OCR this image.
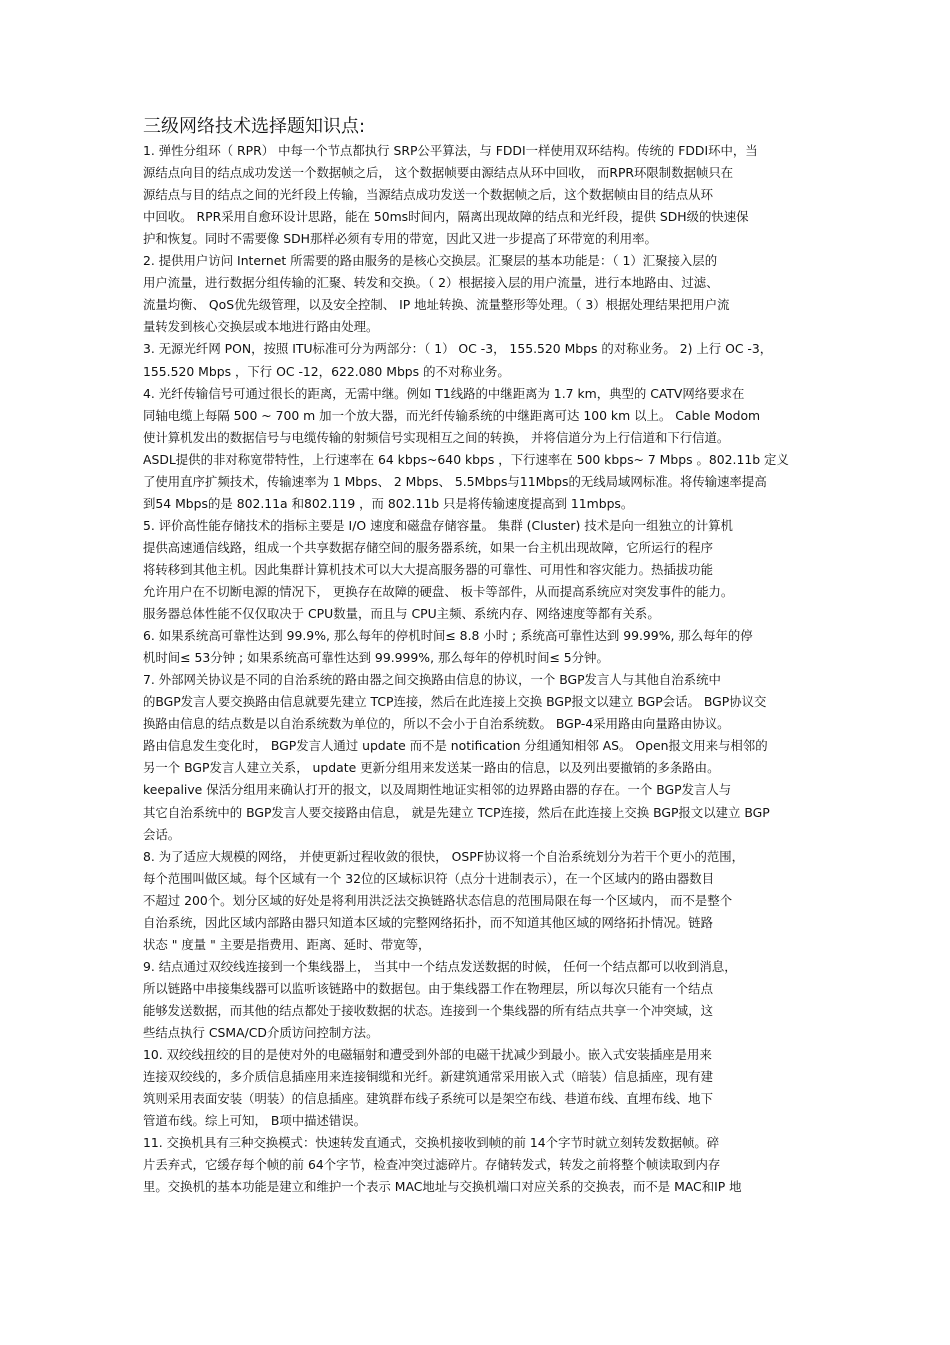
三级网络技术选择题知识点:
1. 弹性分组环（ RPR） 中每一个节点都执行 SRP公平算法，与 FDDI一样使用双环结构。传统的 FDDI环中，当
源结点向目的结点成功发送一个数据帧之后， 这个数据帧要由源结点从环中回收， 而RPR环限制数据帧只在
源结点与目的结点之间的光纤段上传输，当源结点成功发送一个数据帧之后，这个数据帧由目的结点从环
中回收。 RPR采用自愈环设计思路，能在 50ms时间内，隔离出现故障的结点和光纤段，提供 SDH级的快速保
护和恢复。同时不需要像 SDH那样必须有专用的带宽，因此又进一步提高了环带宽的利用率。
2. 提供用户访问 Internet 所需要的路由服务的是核心交换层。汇聚层的基本功能是：（ 1）汇聚接入层的
用户流量，进行数据分组传输的汇聚、转发和交换。（ 2）根据接入层的用户流量，进行本地路由、过滤、
流量均衡、 QoS优先级管理，以及安全控制、 IP 地址转换、流量整形等处理。（ 3）根据处理结果把用户流
量转发到核心交换层或本地进行路由处理。
3. 无源光纤网 PON，按照 ITU标准可分为两部分：（ 1） OC -3， 155.520 Mbps 的对称业务。 2) 上行 OC -3，
155.520 Mbps ，下行 OC -12，622.080 Mbps 的不对称业务。
4. 光纤传输信号可通过很长的距离，无需中继。例如 T1线路的中继距离为 1.7 km，典型的 CATV网络要求在
同轴电缆上每隔 500 ~ 700 m 加一个放大器，而光纤传输系统的中继距离可达 100 km 以上。 Cable Modom
使计算机发出的数据信号与电缆传输的射频信号实现相互之间的转换， 并将信道分为上行信道和下行信道。
ASDL提供的非对称宽带特性，上行速率在 64 kbps~640 kbps ，下行速率在 500 kbps~ 7 Mbps 。802.11b 定义
了使用直序扩频技术，传输速率为 1 Mbps、 2 Mbps、 5.5Mbps与11Mbps的无线局域网标准。将传输速率提高
到54 Mbps的是 802.11a 和802.119 ，而 802.11b 只是将传输速度提高到 11mbps。
5. 评价高性能存储技术的指标主要是 I/O 速度和磁盘存储容量。 集群 (Cluster) 技术是向一组独立的计算机
提供高速通信线路，组成一个共享数据存储空间的服务器系统，如果一台主机出现故障，它所运行的程序
将转移到其他主机。因此集群计算机技术可以大大提高服务器的可靠性、可用性和容灾能力。热插拔功能
允许用户在不切断电源的情况下， 更换存在故障的硬盘、 板卡等部件，从而提高系统应对突发事件的能力。
服务器总体性能不仅仅取决于 CPU数量，而且与 CPU主频、系统内存、网络速度等都有关系。
6. 如果系统高可靠性达到 99.9%, 那么每年的停机时间≤ 8.8 小时 ; 系统高可靠性达到 99.99%, 那么每年的停
机时间≤ 53分钟 ; 如果系统高可靠性达到 99.999%, 那么每年的停机时间≤ 5分钟。
7. 外部网关协议是不同的自治系统的路由器之间交换路由信息的协议，一个 BGP发言人与其他自治系统中
的BGP发言人要交换路由信息就要先建立 TCP连接，然后在此连接上交换 BGP报文以建立 BGP会话。 BGP协议交
换路由信息的结点数是以自治系统数为单位的，所以不会小于自治系统数。 BGP-4采用路由向量路由协议。
路由信息发生变化时， BGP发言人通过 update 而不是 notification 分组通知相邻 AS。 Open报文用来与相邻的
另一个 BGP发言人建立关系， update 更新分组用来发送某一路由的信息，以及列出要撤销的多条路由。
keepalive 保活分组用来确认打开的报文，以及周期性地证实相邻的边界路由器的存在。一个 BGP发言人与
其它自治系统中的 BGP发言人要交接路由信息， 就是先建立 TCP连接，然后在此连接上交换 BGP报文以建立 BGP
会话。
8. 为了适应大规模的网络， 并使更新过程收敛的很快， OSPF协议将一个自治系统划分为若干个更小的范围，
每个范围叫做区域。每个区域有一个 32位的区域标识符（点分十进制表示），在一个区域内的路由器数目
不超过 200个。划分区域的好处是将利用洪泛法交换链路状态信息的范围局限在每一个区域内， 而不是整个
自治系统，因此区域内部路由器只知道本区域的完整网络拓扑，而不知道其他区域的网络拓扑情况。链路
状态 " 度量 " 主要是指费用、距离、延时、带宽等，
9. 结点通过双绞线连接到一个集线器上， 当其中一个结点发送数据的时候， 任何一个结点都可以收到消息，
所以链路中串接集线器可以监听该链路中的数据包。由于集线器工作在物理层，所以每次只能有一个结点
能够发送数据，而其他的结点都处于接收数据的状态。连接到一个集线器的所有结点共享一个冲突域，这
些结点执行 CSMA/CD介质访问控制方法。
10. 双绞线扭绞的目的是使对外的电磁辐射和遭受到外部的电磁干扰减少到最小。嵌入式安装插座是用来
连接双绞线的，多介质信息插座用来连接铜缆和光纤。新建筑通常采用嵌入式（暗装）信息插座，现有建
筑则采用表面安装（明装）的信息插座。建筑群布线子系统可以是架空布线、巷道布线、直埋布线、地下
管道布线。综上可知， B项中描述错误。
11. 交换机具有三种交换模式：快速转发直通式，交换机接收到帧的前 14个字节时就立刻转发数据帧。碎
片丢弃式，它缓存每个帧的前 64个字节，检查冲突过滤碎片。存储转发式，转发之前将整个帧读取到内存
里。交换机的基本功能是建立和维护一个表示 MAC地址与交换机端口对应关系的交换表，而不是 MAC和IP 地
